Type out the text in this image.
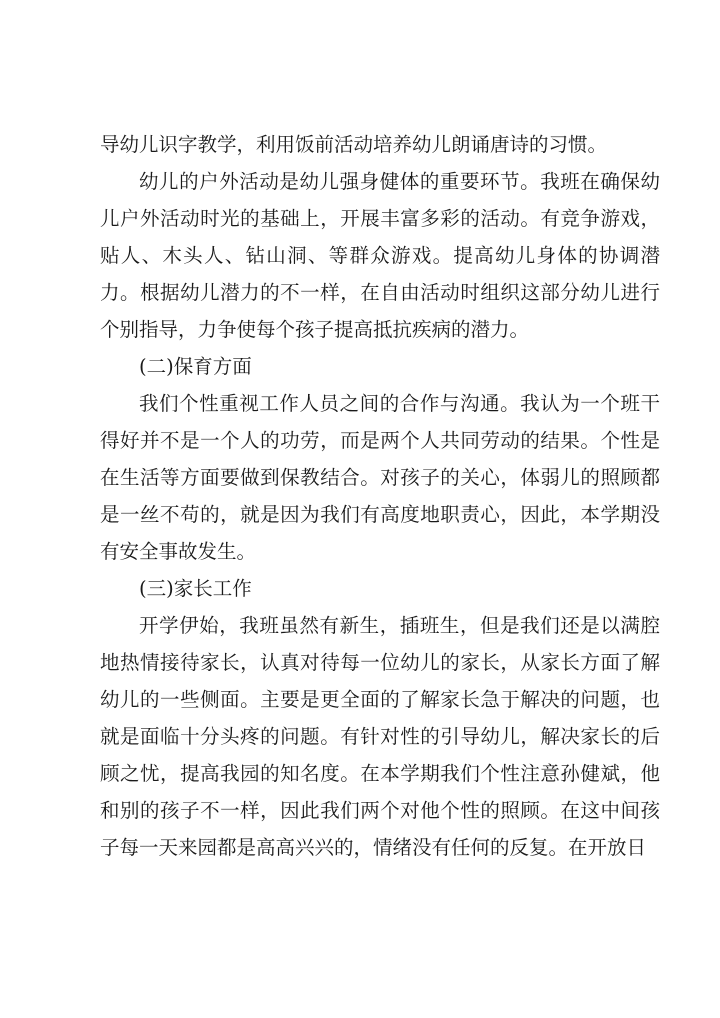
导幼儿识字教学，利用饭前活动培养幼儿朗诵唐诗的习惯。

幼儿的户外活动是幼儿强身健体的重要环节。我班在确保幼儿户外活动时光的基础上，开展丰富多彩的活动。有竞争游戏，贴人、木头人、钻山洞、等群众游戏。提高幼儿身体的协调潜力。根据幼儿潜力的不一样，在自由活动时组织这部分幼儿进行个别指导，力争使每个孩子提高抵抗疾病的潜力。

(二)保育方面

我们个性重视工作人员之间的合作与沟通。我认为一个班干得好并不是一个人的功劳，而是两个人共同劳动的结果。个性是在生活等方面要做到保教结合。对孩子的关心，体弱儿的照顾都是一丝不苟的，就是因为我们有高度地职责心，因此，本学期没有安全事故发生。

(三)家长工作

开学伊始，我班虽然有新生，插班生，但是我们还是以满腔地热情接待家长，认真对待每一位幼儿的家长，从家长方面了解幼儿的一些侧面。主要是更全面的了解家长急于解决的问题，也就是面临十分头疼的问题。有针对性的引导幼儿，解决家长的后顾之忧，提高我园的知名度。在本学期我们个性注意孙健斌，他和别的孩子不一样，因此我们两个对他个性的照顾。在这中间孩子每一天来园都是高高兴兴的，情绪没有任何的反复。在开放日
